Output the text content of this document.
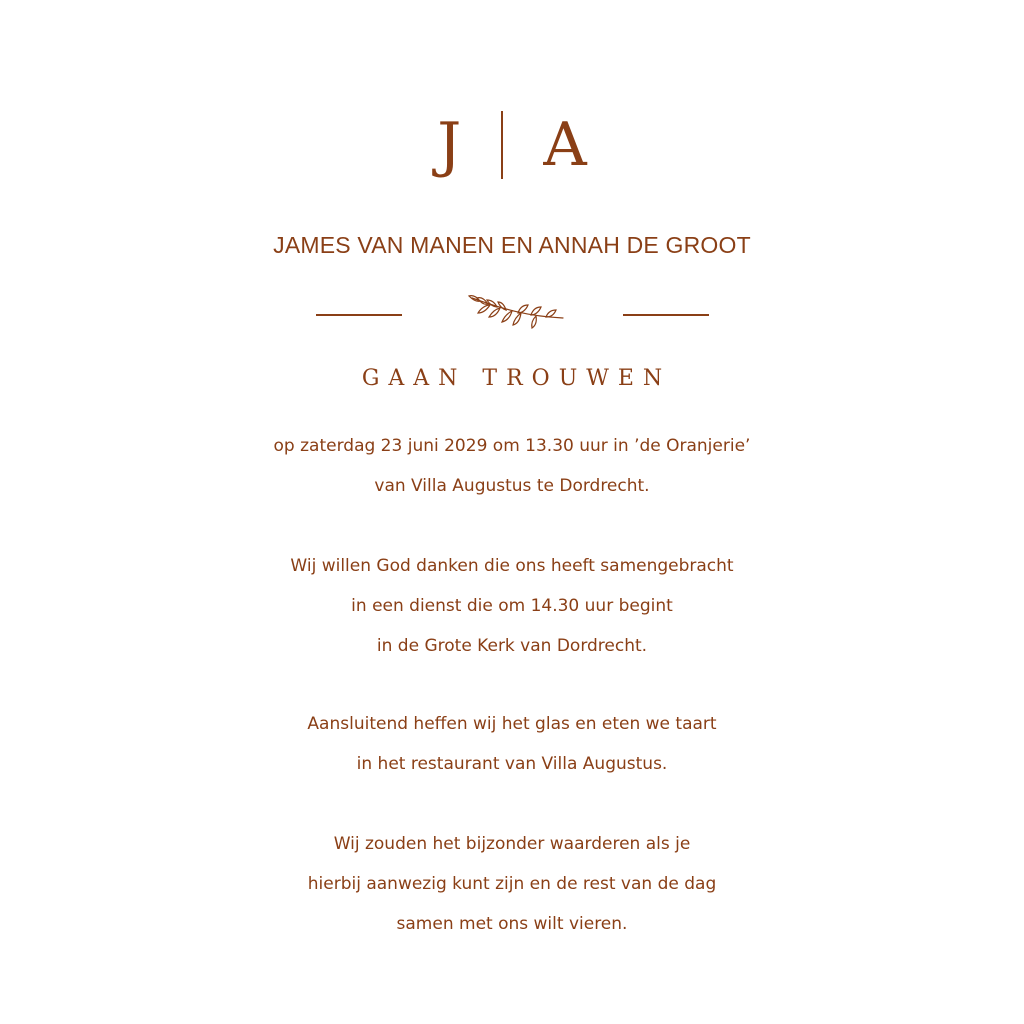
J A
JAMES VAN MANEN EN ANNAH DE GROOT
GAAN TROUWEN
op zaterdag 23 juni 2029 om 13.30 uur in ’de Oranjerie’
van Villa Augustus te Dordrecht.
Wij willen God danken die ons heeft samengebracht
in een dienst die om 14.30 uur begint
in de Grote Kerk van Dordrecht.
Aansluitend heffen wij het glas en eten we taart
in het restaurant van Villa Augustus.
Wij zouden het bijzonder waarderen als je
hierbij aanwezig kunt zijn en de rest van de dag
samen met ons wilt vieren.
